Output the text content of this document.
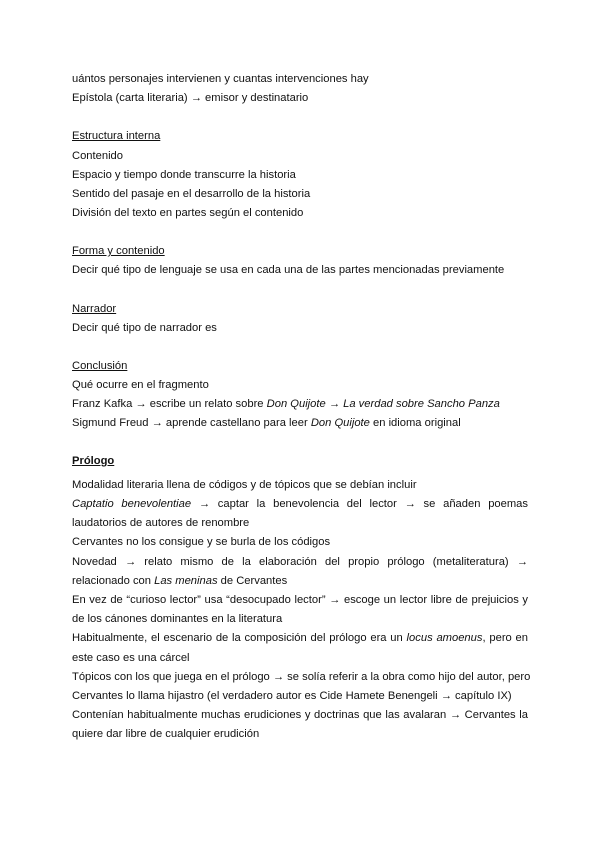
uántos personajes intervienen y cuantas intervenciones hay
Epístola (carta literaria) → emisor y destinatario
Estructura interna
Contenido
Espacio y tiempo donde transcurre la historia
Sentido del pasaje en el desarrollo de la historia
División del texto en partes según el contenido
Forma y contenido
Decir qué tipo de lenguaje se usa en cada una de las partes mencionadas previamente
Narrador
Decir qué tipo de narrador es
Conclusión
Qué ocurre en el fragmento
Franz Kafka → escribe un relato sobre Don Quijote → La verdad sobre Sancho Panza
Sigmund Freud → aprende castellano para leer Don Quijote en idioma original
Prólogo
Modalidad literaria llena de códigos y de tópicos que se debían incluir
Captatio benevolentiae → captar la benevolencia del lector → se añaden poemas
laudatorios de autores de renombre
Cervantes no los consigue y se burla de los códigos
Novedad → relato mismo de la elaboración del propio prólogo (metaliteratura) →
relacionado con Las meninas de Cervantes
En vez de “curioso lector” usa “desocupado lector” → escoge un lector libre de prejuicios y
de los cánones dominantes en la literatura
Habitualmente, el escenario de la composición del prólogo era un locus amoenus, pero en
este caso es una cárcel
Tópicos con los que juega en el prólogo → se solía referir a la obra como hijo del autor, pero
Cervantes lo llama hijastro (el verdadero autor es Cide Hamete Benengeli → capítulo IX)
Contenían habitualmente muchas erudiciones y doctrinas que las avalaran → Cervantes la
quiere dar libre de cualquier erudición
